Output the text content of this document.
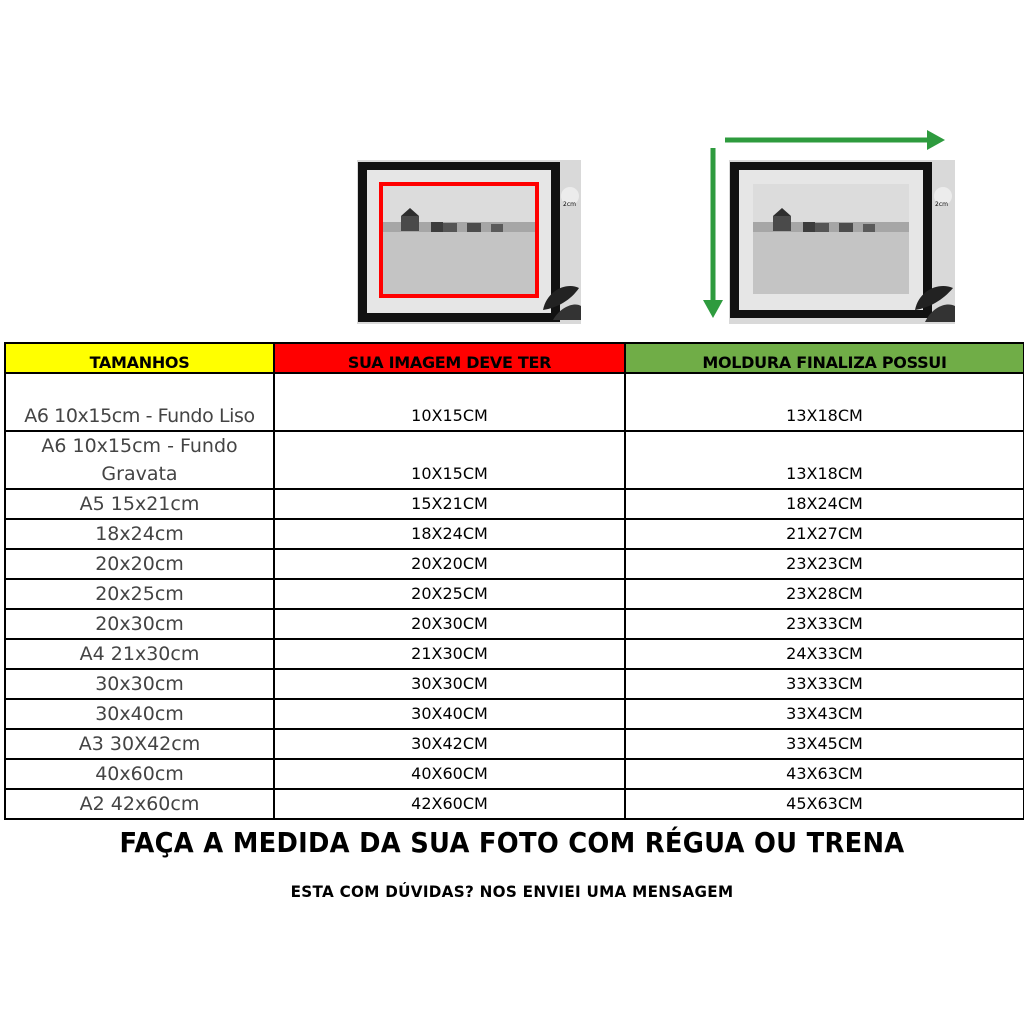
2cm	2cm
TAMANHOS	SUA IMAGEM DEVE TER	MOLDURA FINALIZA POSSUI
A6 10x15cm - Fundo Liso	10X15CM	13X18CM
A6 10x15cm - Fundo Gravata	10X15CM	13X18CM
A5 15x21cm	15X21CM	18X24CM
18x24cm	18X24CM	21X27CM
20x20cm	20X20CM	23X23CM
20x25cm	20X25CM	23X28CM
20x30cm	20X30CM	23X33CM
A4 21x30cm	21X30CM	24X33CM
30x30cm	30X30CM	33X33CM
30x40cm	30X40CM	33X43CM
A3 30X42cm	30X42CM	33X45CM
40x60cm	40X60CM	43X63CM
A2 42x60cm	42X60CM	45X63CM
FAÇA A MEDIDA DA SUA FOTO COM RÉGUA OU TRENA
ESTA COM DÚVIDAS? NOS ENVIEI UMA MENSAGEM
